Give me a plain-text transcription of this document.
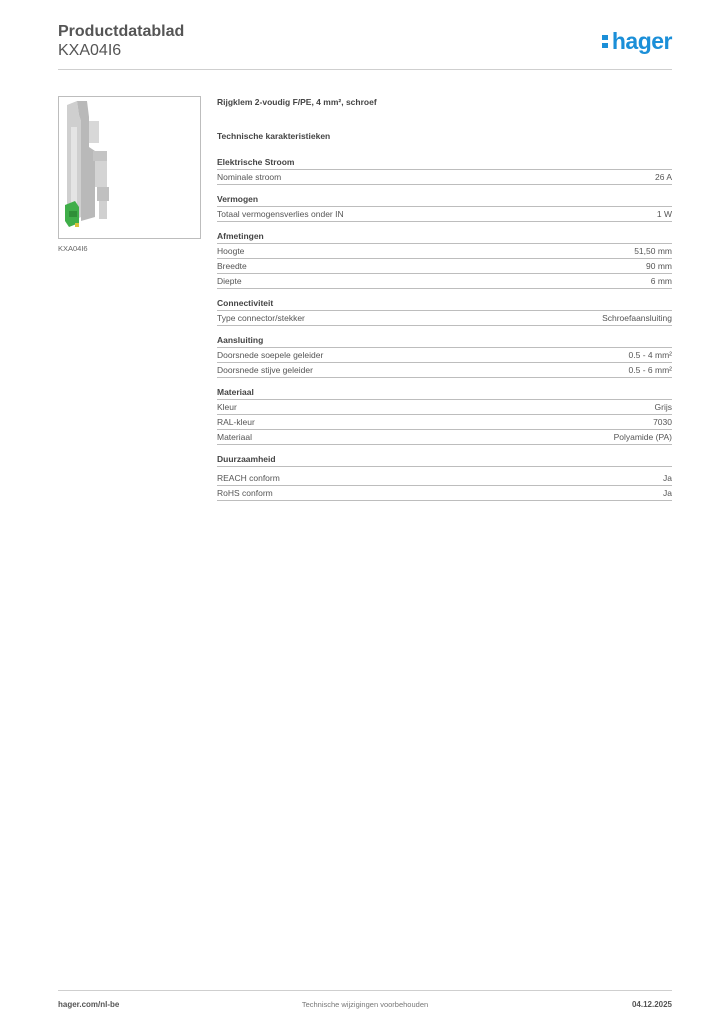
Productdatablad
KXA04I6	hager
KXA04I6
Rijgklem 2-voudig F/PE, 4 mm², schroef
Technische karakteristieken
Elektrische Stroom
Nominale stroom	26 A
Vermogen
Totaal vermogensverlies onder IN	1 W
Afmetingen
Hoogte	51,50 mm
Breedte	90 mm
Diepte	6 mm
Connectiviteit
Type connector/stekker	Schroefaansluiting
Aansluiting
Doorsnede soepele geleider	0.5 - 4 mm²
Doorsnede stijve geleider	0.5 - 6 mm²
Materiaal
Kleur	Grijs
RAL-kleur	7030
Materiaal	Polyamide (PA)
Duurzaamheid
REACH conform	Ja
RoHS conform	Ja
hager.com/nl-be	Technische wijzigingen voorbehouden	04.12.2025
